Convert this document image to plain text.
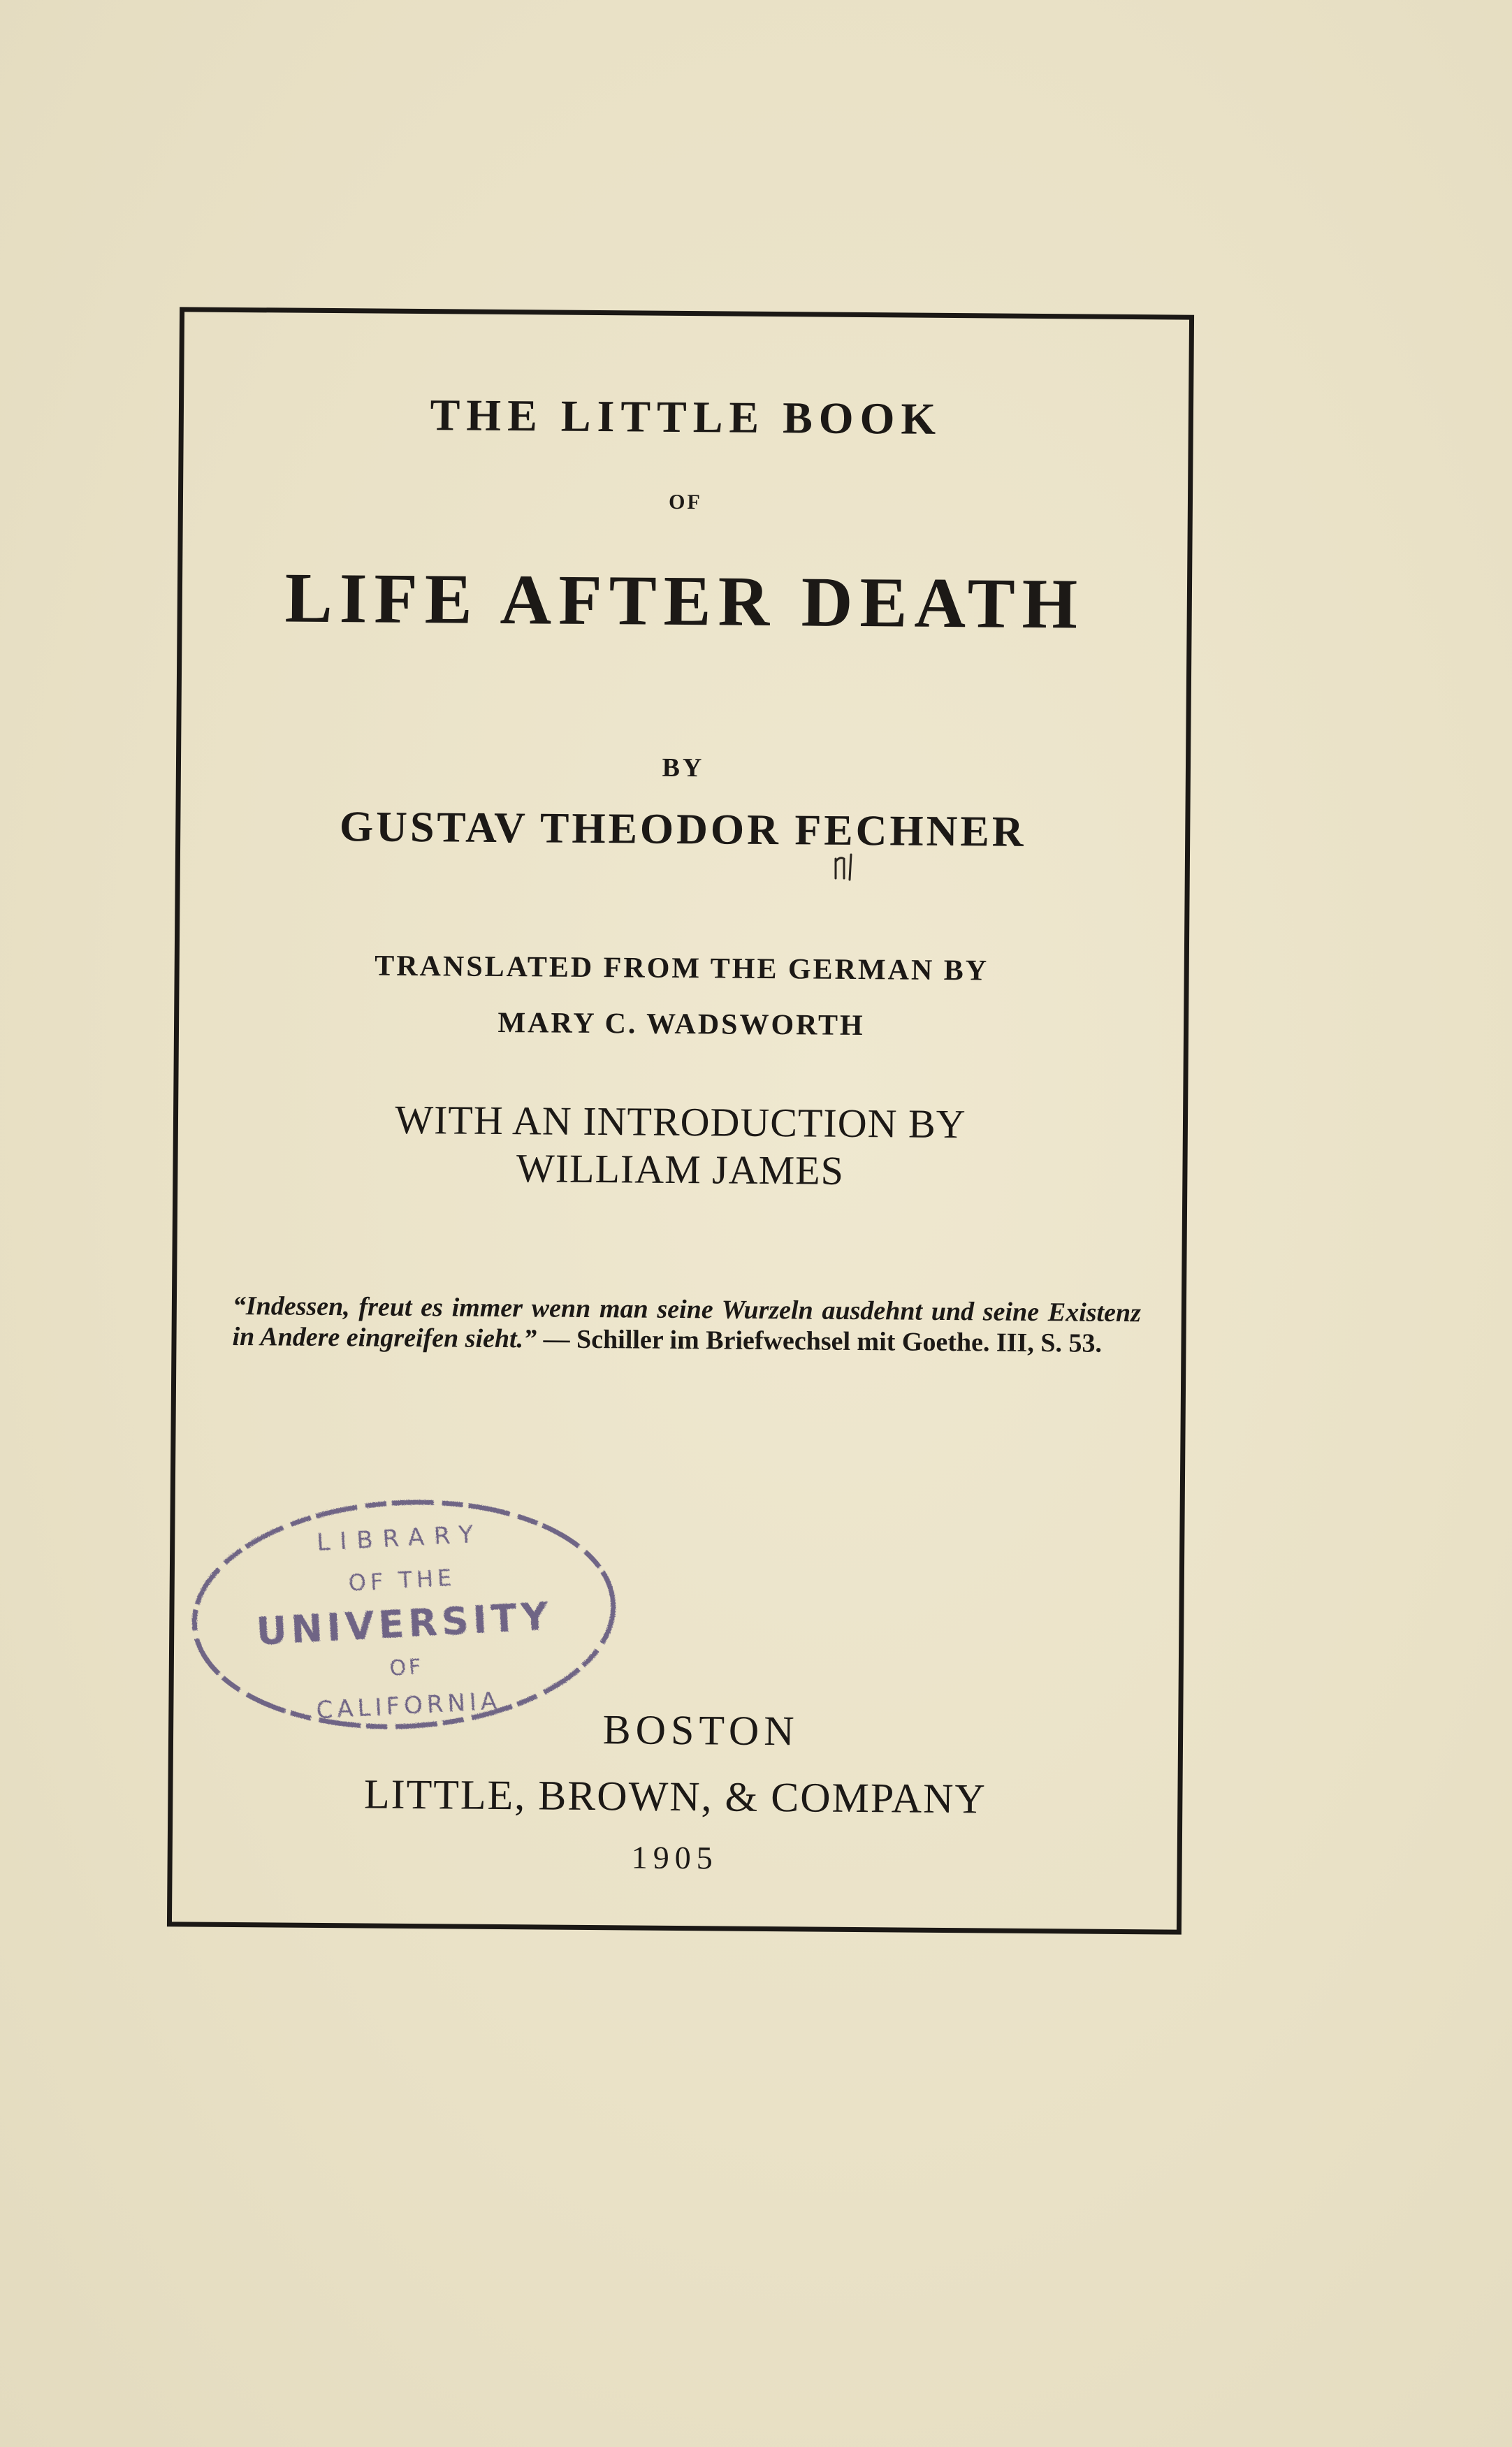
THE LITTLE BOOK
OF
LIFE AFTER DEATH
BY
GUSTAV THEODOR FECHNER
TRANSLATED FROM THE GERMAN BY
MARY C. WADSWORTH
WITH AN INTRODUCTION BY
WILLIAM JAMES
“Indessen, freut es immer wenn man seine Wurzeln ausdehnt und seine Existenz in Andere eingreifen sieht.” — Schiller im Briefwechsel mit Goethe. III, S. 53.
BOSTON
LITTLE, BROWN, & COMPANY
1905
LIBRARY
OF THE
UNIVERSITY
OF
CALIFORNIA
